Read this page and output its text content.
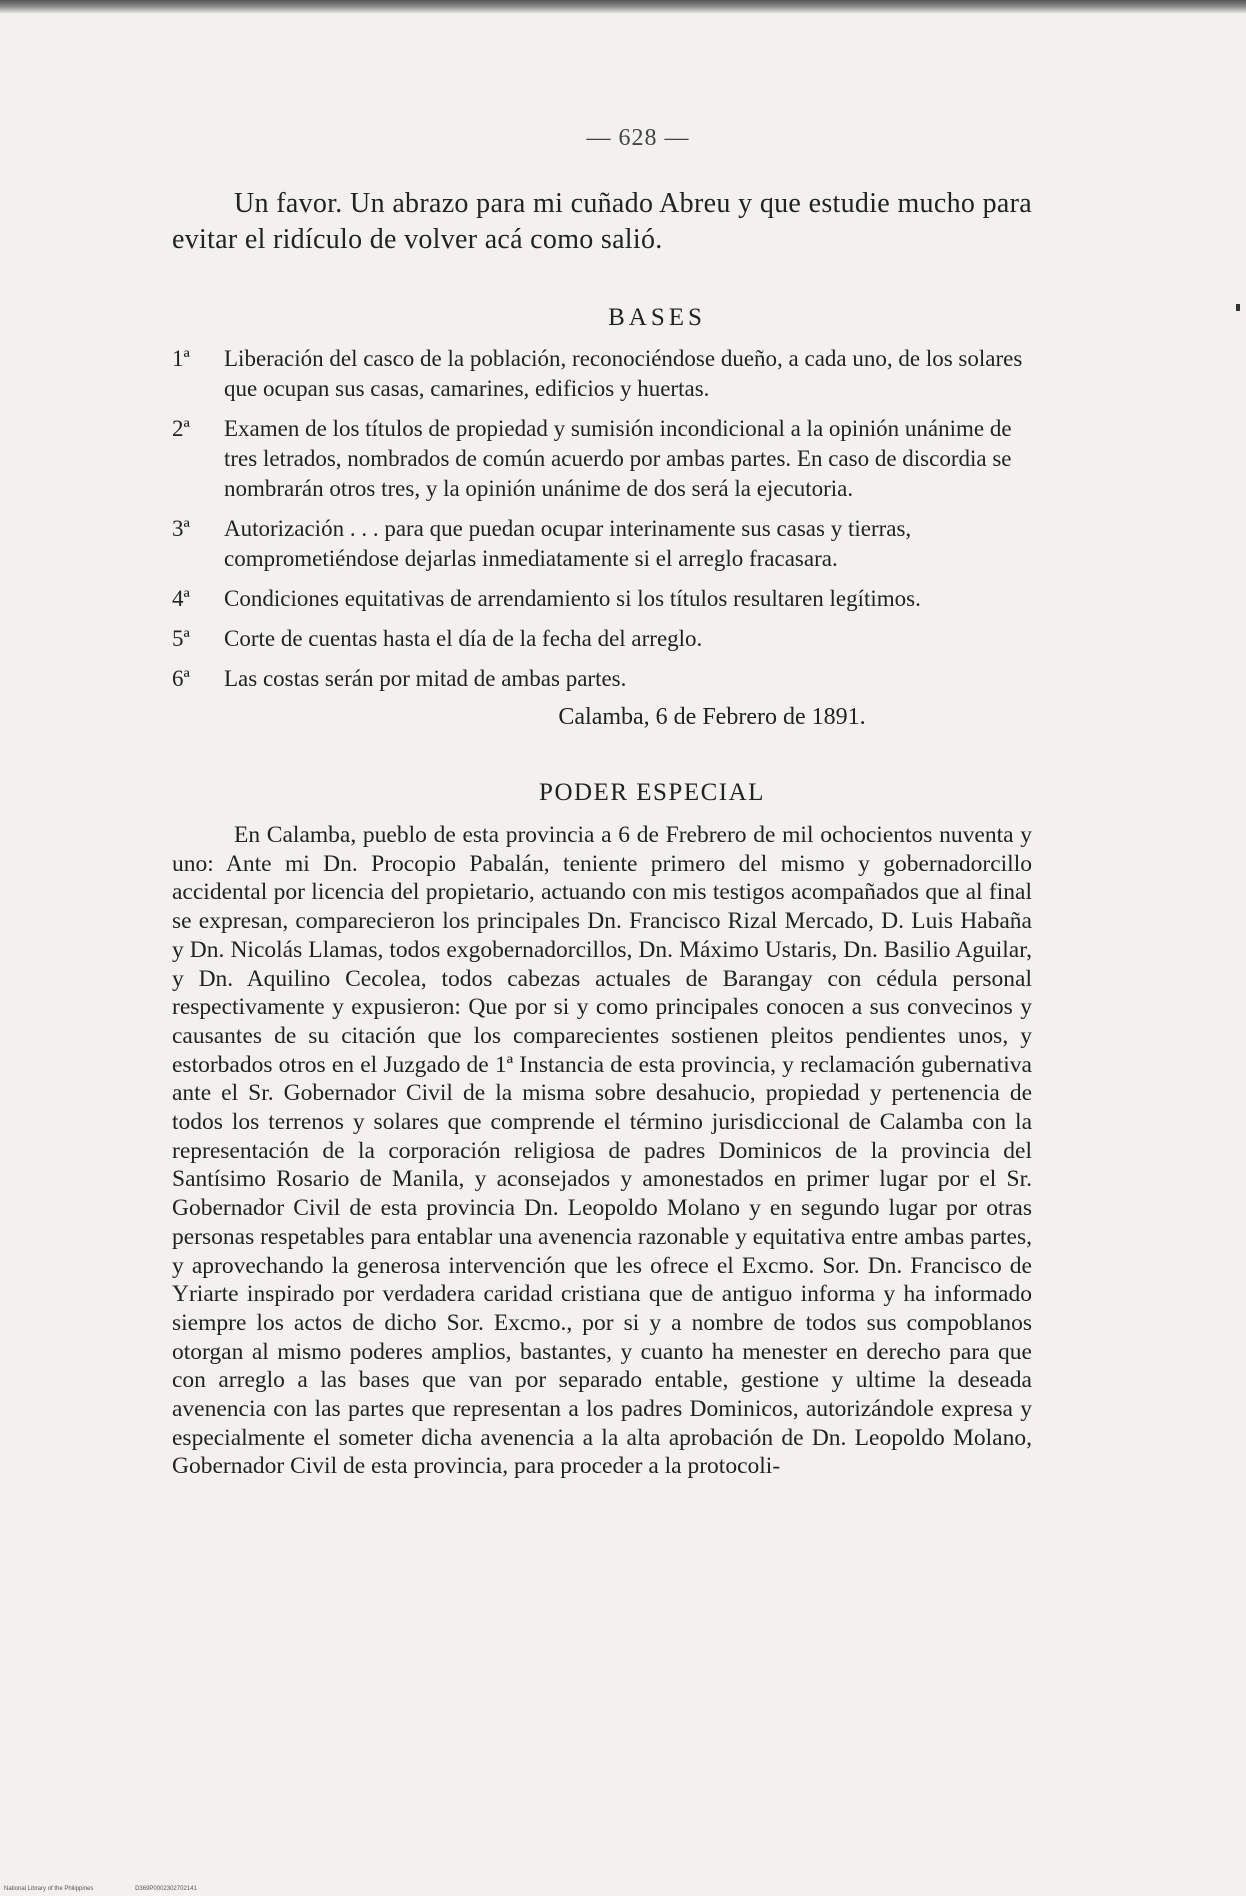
— 628 —

Un favor. Un abrazo para mi cuñado Abreu y que estudie mucho para evitar el ridículo de volver acá como salió.

BASES
1ª	Liberación del casco de la población, reconociéndose dueño, a cada uno, de los solares que ocupan sus casas, camarines, edificios y huertas.
2ª	Examen de los títulos de propiedad y sumisión incondicional a la opinión unánime de tres letrados, nombrados de común acuerdo por ambas partes. En caso de discordia se nombrarán otros tres, y la opinión unánime de dos será la ejecutoria.
3ª	Autorización . . . para que puedan ocupar interinamente sus casas y tierras, comprometiéndose dejarlas inmediatamente si el arreglo fracasara.
4ª	Condiciones equitativas de arrendamiento si los títulos resultaren legítimos.
5ª	Corte de cuentas hasta el día de la fecha del arreglo.
6ª	Las costas serán por mitad de ambas partes.
Calamba, 6 de Febrero de 1891.
PODER ESPECIAL

En Calamba, pueblo de esta provincia a 6 de Frebrero de mil ochocientos nuventa y uno: Ante mi Dn. Procopio Pabalán, teniente primero del mismo y gobernadorcillo accidental por licencia del propietario, actuando con mis testigos acompañados que al final se expresan, comparecieron los principales Dn. Francisco Rizal Mercado, D. Luis Habaña y Dn. Nicolás Llamas, todos exgobernadorcillos, Dn. Máximo Ustaris, Dn. Basilio Aguilar, y Dn. Aquilino Cecolea, todos cabezas actuales de Barangay con cédula personal respectivamente y expusieron: Que por si y como principales conocen a sus convecinos y causantes de su citación que los comparecientes sostienen pleitos pendientes unos, y estorbados otros en el Juzgado de 1ª Instancia de esta provincia, y reclamación gubernativa ante el Sr. Gobernador Civil de la misma sobre desahucio, propiedad y pertenencia de todos los terrenos y solares que comprende el término jurisdiccional de Calamba con la representación de la corporación religiosa de padres Dominicos de la provincia del Santísimo Rosario de Manila, y aconsejados y amonestados en primer lugar por el Sr. Gobernador Civil de esta provincia Dn. Leopoldo Molano y en segundo lugar por otras personas respetables para entablar una avenencia razonable y equitativa entre ambas partes, y aprovechando la generosa intervención que les ofrece el Excmo. Sor. Dn. Francisco de Yriarte inspirado por verdadera caridad cristiana que de antiguo informa y ha informado siempre los actos de dicho Sor. Excmo., por si y a nombre de todos sus compoblanos otorgan al mismo poderes amplios, bastantes, y cuanto ha menester en derecho para que con arreglo a las bases que van por separado entable, gestione y ultime la deseada avenencia con las partes que representan a los padres Dominicos, autorizándole expresa y especialmente el someter dicha avenencia a la alta aprobación de Dn. Leopoldo Molano, Gobernador Civil de esta provincia, para proceder a la protocoli-

National Library of the Philippines	D369P0002302702141
